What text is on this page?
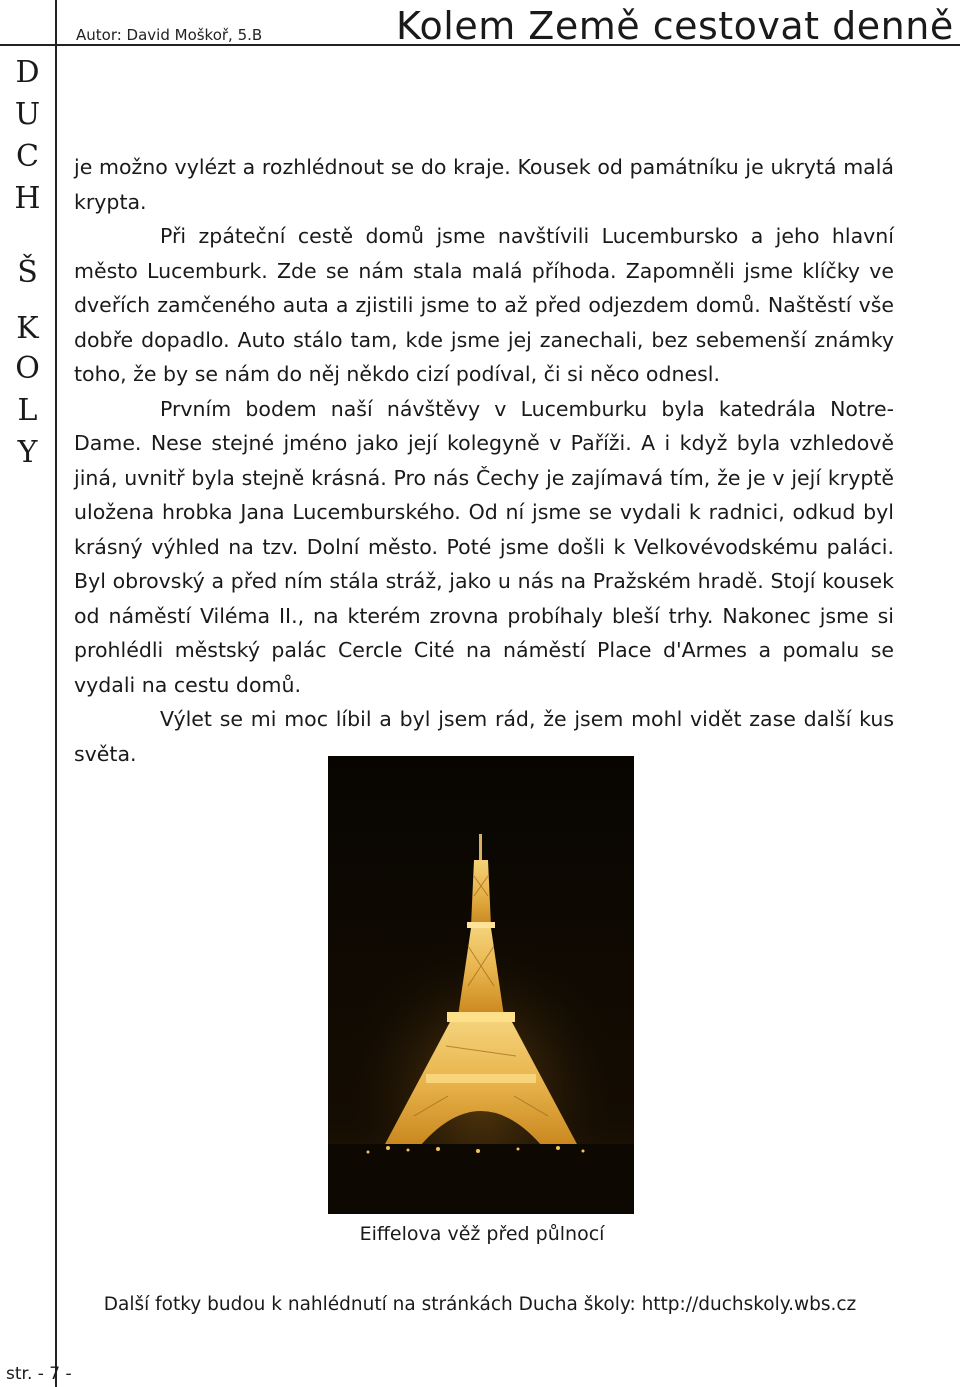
Autor: David Moškoř, 5.B	Kolem Země cestovat denně
D
U
C
H
Š
K
O
L
Y

je možno vylézt a rozhlédnout se do kraje. Kousek od památníku je ukrytá malá krypta.

Při zpáteční cestě domů jsme navštívili Lucembursko a jeho hlavní město Lucemburk. Zde se nám stala malá příhoda. Zapomněli jsme klíčky ve dveřích zamčeného auta a zjistili jsme to až před odjezdem domů. Naštěstí vše dobře dopadlo. Auto stálo tam, kde jsme jej zanechali, bez sebemenší známky toho, že by se nám do něj někdo cizí podíval, či si něco odnesl.

Prvním bodem naší návštěvy v Lucemburku byla katedrála Notre-Dame. Nese stejné jméno jako její kolegyně v Paříži. A i když byla vzhledově jiná, uvnitř byla stejně krásná. Pro nás Čechy je zajímavá tím, že je v její kryptě uložena hrobka Jana Lucemburského. Od ní jsme se vydali k radnici, odkud byl krásný výhled na tzv. Dolní město. Poté jsme došli k Velkovévodskému paláci. Byl obrovský a před ním stála stráž, jako u nás na Pražském hradě. Stojí kousek od náměstí Viléma II., na kterém zrovna probíhaly bleší trhy. Nakonec jsme si prohlédli městský palác Cercle Cité na náměstí Place d'Armes a pomalu se vydali na cestu domů.

Výlet se mi moc líbil a byl jsem rád, že jsem mohl vidět zase další kus světa.

Eiffelova věž před půlnocí
Další fotky budou k nahlédnutí na stránkách Ducha školy: http://duchskoly.wbs.cz
str. - 7 -
